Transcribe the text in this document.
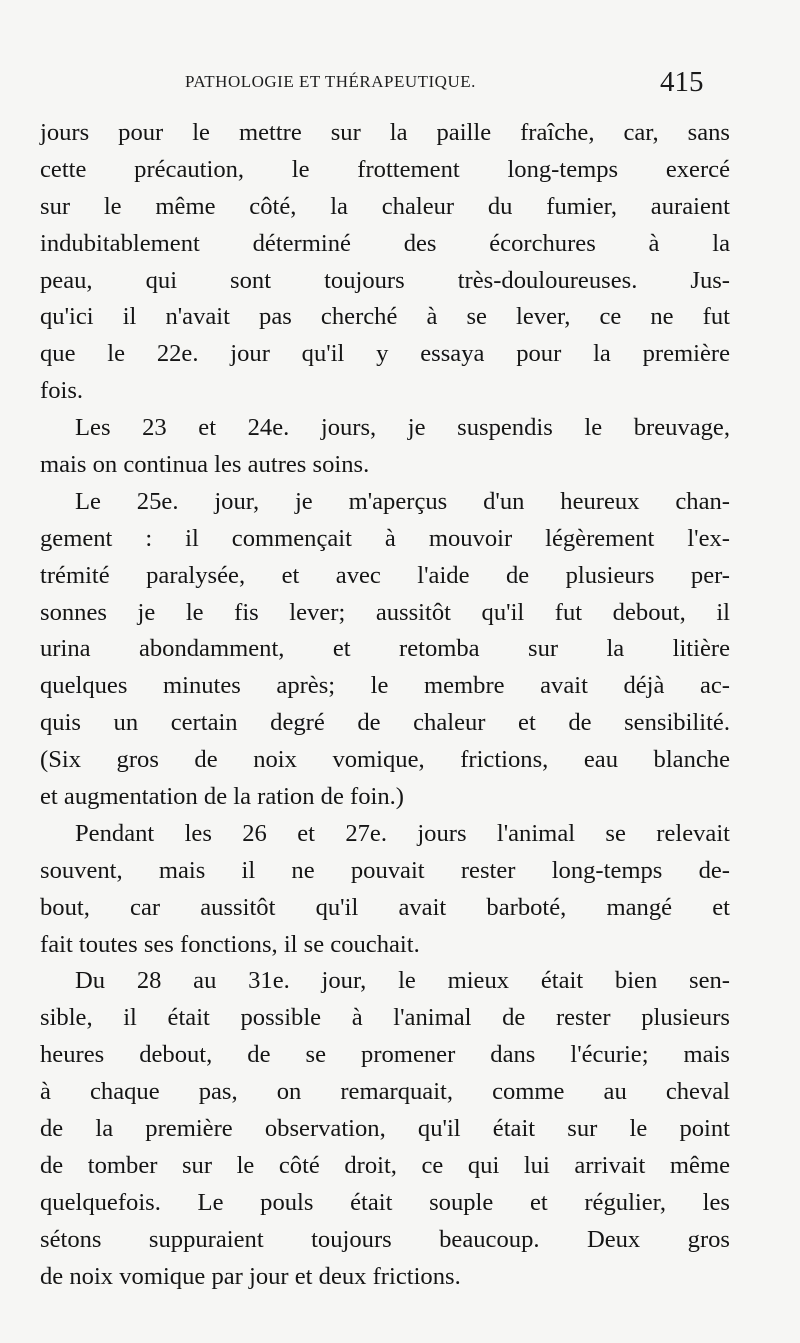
PATHOLOGIE ET THÉRAPEUTIQUE.	415
jours pour le mettre sur la paille fraîche, car, sans
cette précaution, le frottement long-temps exercé
sur le même côté, la chaleur du fumier, auraient
indubitablement déterminé des écorchures à la
peau, qui sont toujours très-douloureuses. Jus-
qu'ici il n'avait pas cherché à se lever, ce ne fut
que le 22e. jour qu'il y essaya pour la première
fois.
Les 23 et 24e. jours, je suspendis le breuvage,
mais on continua les autres soins.
Le 25e. jour, je m'aperçus d'un heureux chan-
gement : il commençait à mouvoir légèrement l'ex-
trémité paralysée, et avec l'aide de plusieurs per-
sonnes je le fis lever; aussitôt qu'il fut debout, il
urina abondamment, et retomba sur la litière
quelques minutes après; le membre avait déjà ac-
quis un certain degré de chaleur et de sensibilité.
(Six gros de noix vomique, frictions, eau blanche
et augmentation de la ration de foin.)
Pendant les 26 et 27e. jours l'animal se relevait
souvent, mais il ne pouvait rester long-temps de-
bout, car aussitôt qu'il avait barboté, mangé et
fait toutes ses fonctions, il se couchait.
Du 28 au 31e. jour, le mieux était bien sen-
sible, il était possible à l'animal de rester plusieurs
heures debout, de se promener dans l'écurie; mais
à chaque pas, on remarquait, comme au cheval
de la première observation, qu'il était sur le point
de tomber sur le côté droit, ce qui lui arrivait même
quelquefois. Le pouls était souple et régulier, les
sétons suppuraient toujours beaucoup. Deux gros
de noix vomique par jour et deux frictions.
